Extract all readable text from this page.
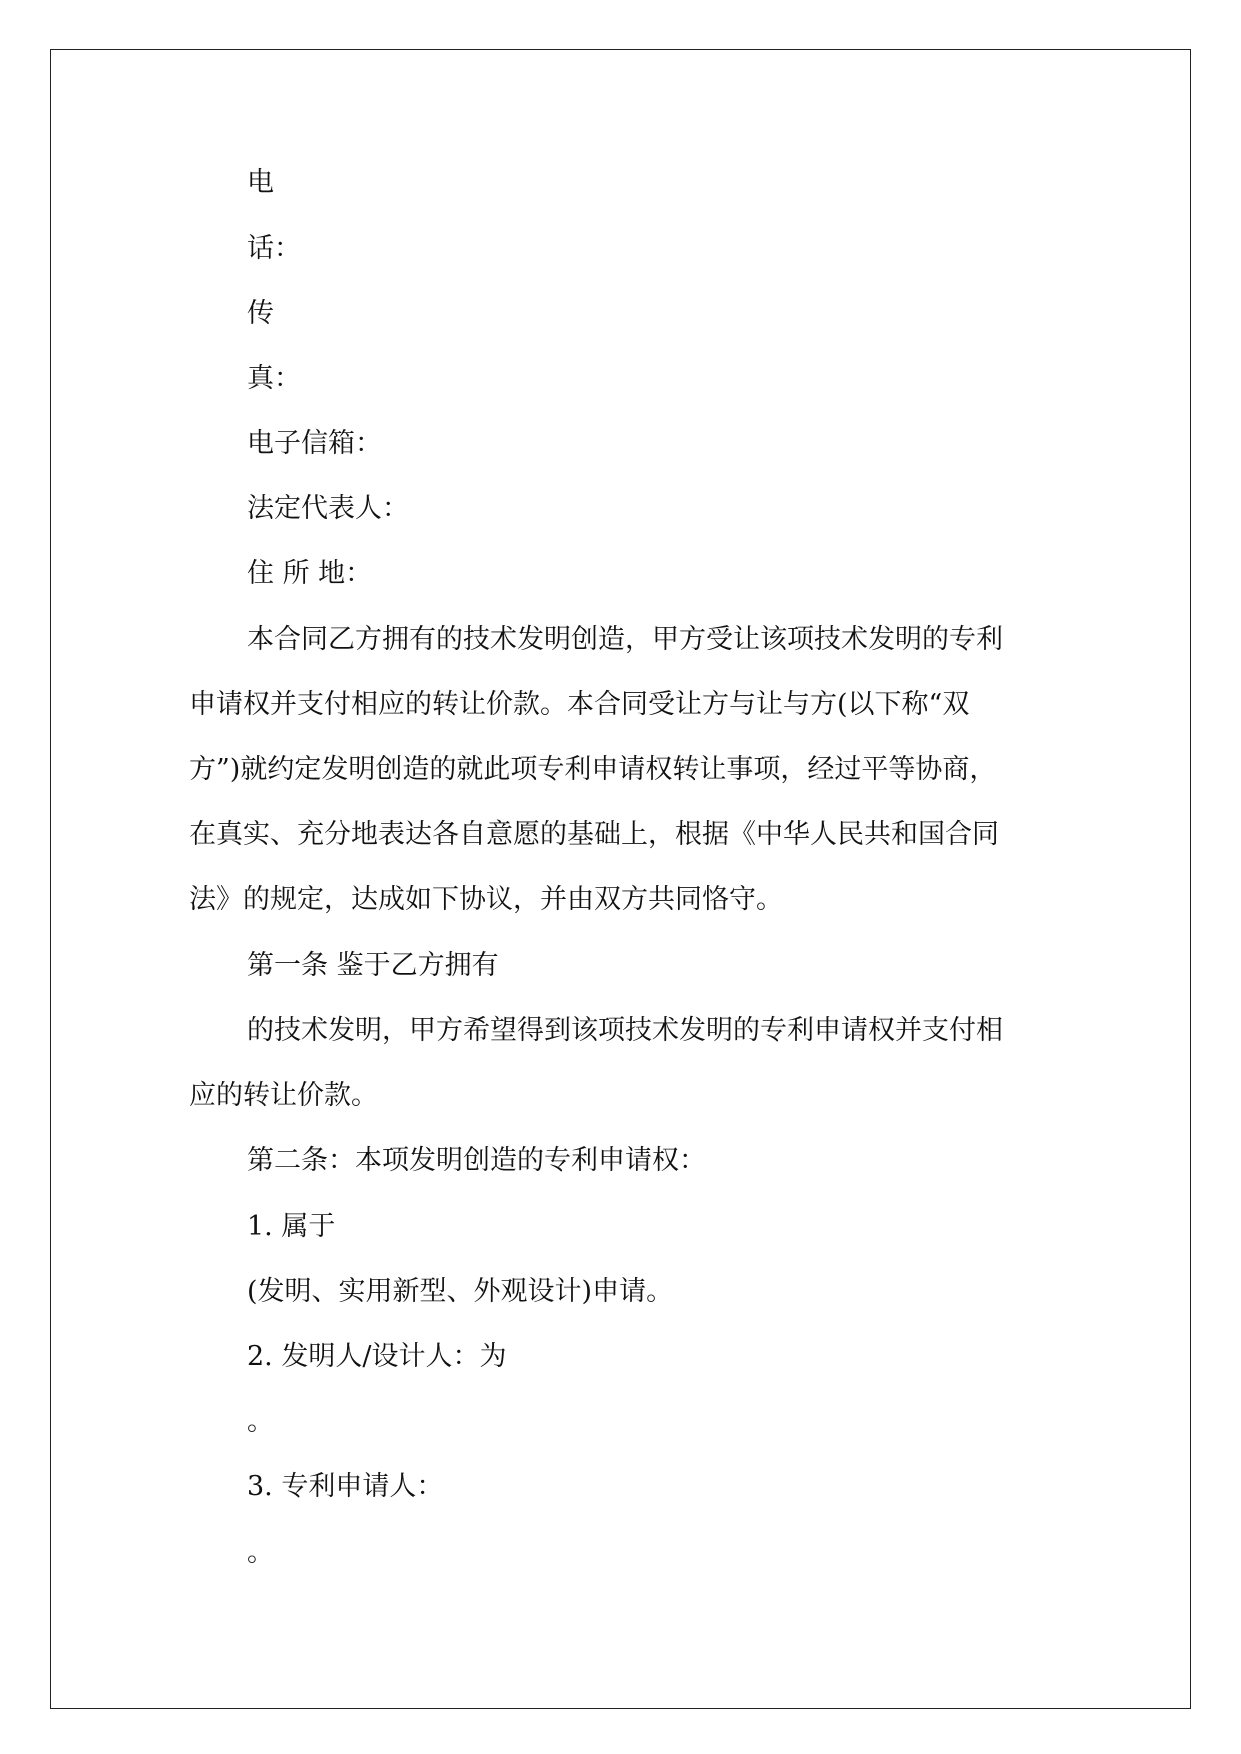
电
话：
传
真：
电子信箱：
法定代表人：
住 所 地：
本合同乙方拥有的技术发明创造，甲方受让该项技术发明的专利
申请权并支付相应的转让价款。本合同受让方与让与方(以下称“双
方”)就约定发明创造的就此项专利申请权转让事项，经过平等协商，
在真实、充分地表达各自意愿的基础上，根据《中华人民共和国合同
法》的规定，达成如下协议，并由双方共同恪守。
第一条 鉴于乙方拥有
的技术发明，甲方希望得到该项技术发明的专利申请权并支付相
应的转让价款。
第二条：本项发明创造的专利申请权：
1. 属于
(发明、实用新型、外观设计)申请。
2. 发明人/设计人：为
。
3. 专利申请人：
。
